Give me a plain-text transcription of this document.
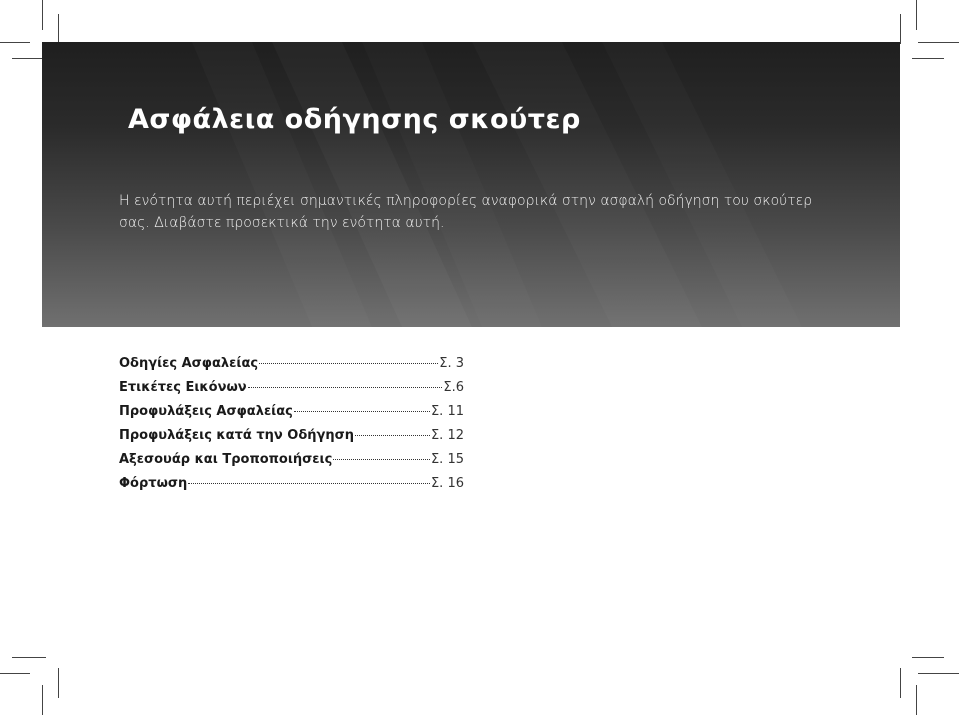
Ασφάλεια οδήγησης σκούτερ

Η ενότητα αυτή περιέχει σημαντικές πληροφορίες αναφορικά στην ασφαλή οδήγηση του σκούτερ σας. Διαβάστε προσεκτικά την ενότητα αυτή.

Οδηγίες Ασφαλείας	Σ. 3
Ετικέτες Εικόνων	Σ.6
Προφυλάξεις Ασφαλείας	Σ. 11
Προφυλάξεις κατά την Οδήγηση	Σ. 12
Αξεσουάρ και Τροποποιήσεις	Σ. 15
Φόρτωση	Σ. 16
